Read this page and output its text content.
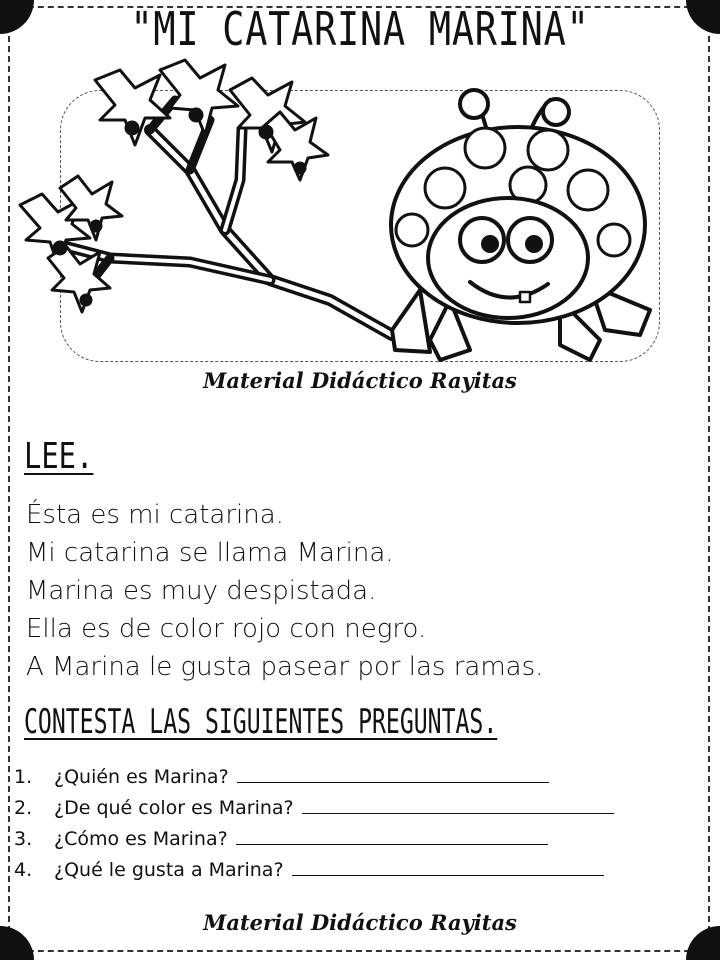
"MI CATARINA MARINA"
Material Didáctico Rayitas
LEE.
Ésta es mi catarina.
Mi catarina se llama Marina.
Marina es muy despistada.
Ella es de color rojo con negro.
A Marina le gusta pasear por las ramas.
CONTESTA LAS SIGUIENTES PREGUNTAS.
1.	¿Quién es Marina?
2.	¿De qué color es Marina?
3.	¿Cómo es Marina?
4.	¿Qué le gusta a Marina?
Material Didáctico Rayitas
